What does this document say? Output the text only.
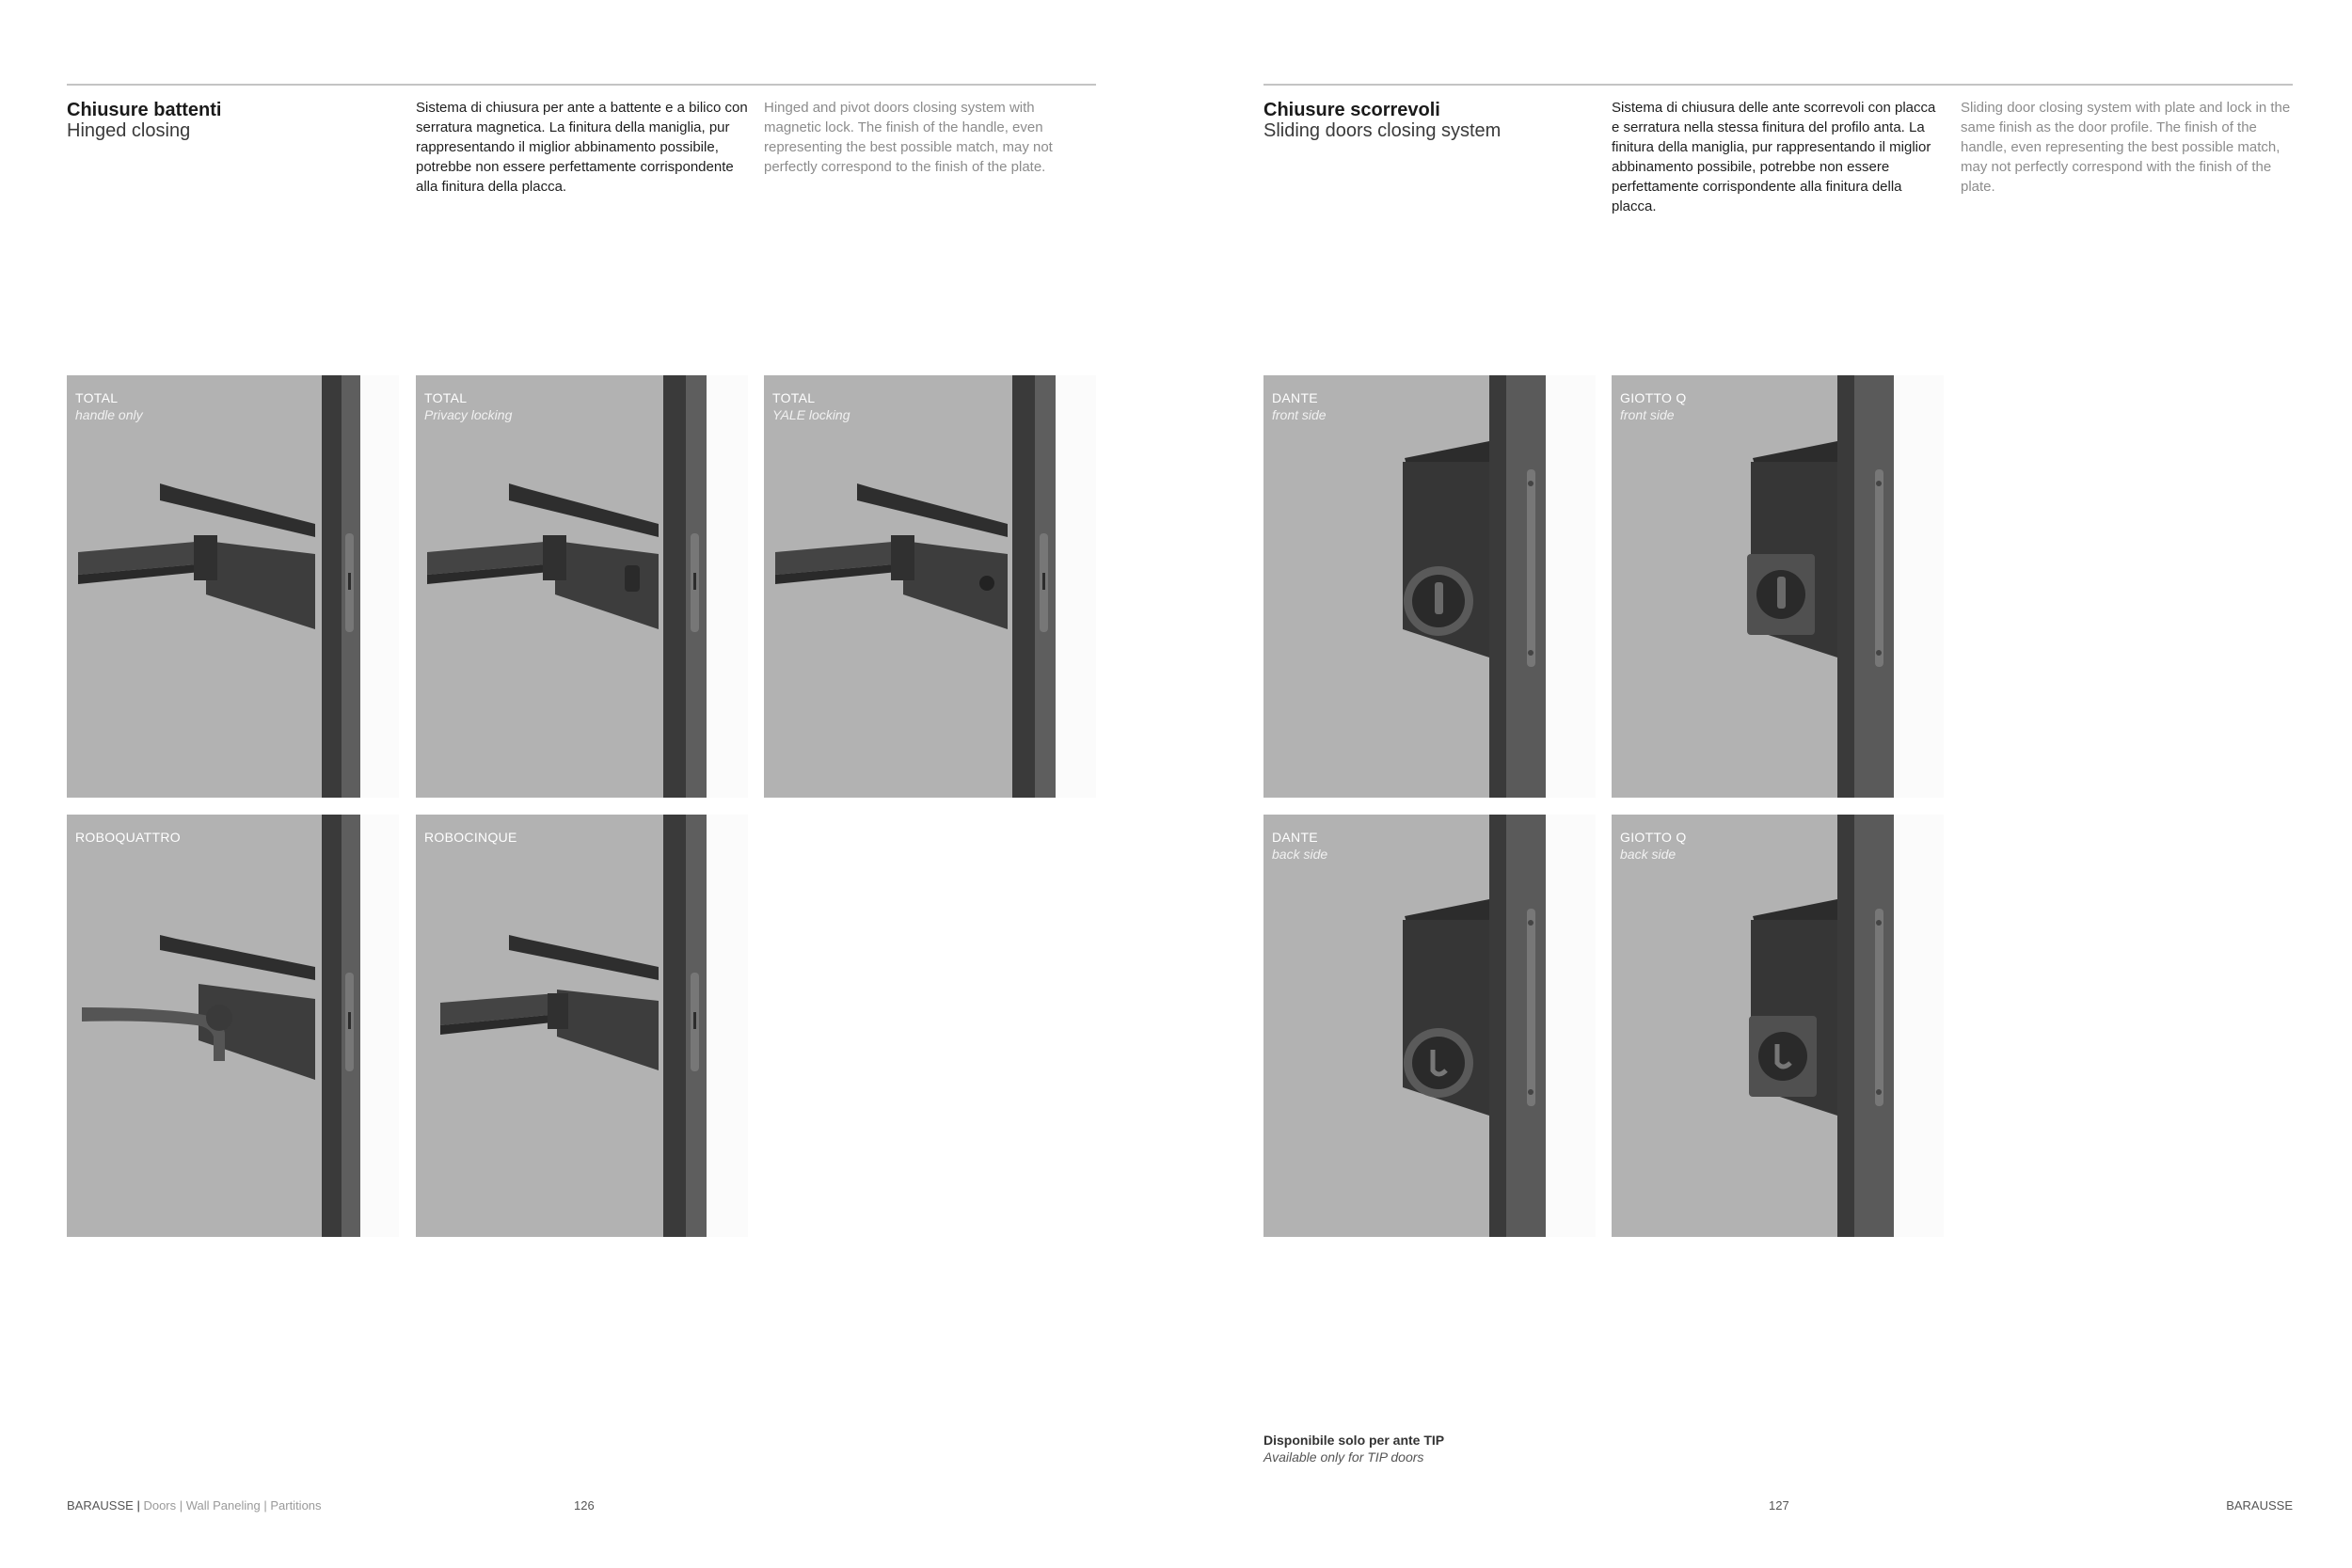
Chiusure battenti
Hinged closing

Sistema di chiusura per ante a battente e a bilico con serratura magnetica. La finitura della maniglia, pur rappresentando il miglior abbinamento possibile, potrebbe non essere perfettamente corrispondente alla finitura della placca.

Hinged and pivot doors closing system with magnetic lock. The finish of the handle, even representing the best possible match, may not perfectly correspond to the finish of the plate.

TOTAL
handle only
TOTAL
Privacy locking
TOTAL
YALE locking
ROBOQUATTRO	ROBOCINQUE
BARAUSSE | Doors | Wall Paneling | Partitions	126
Chiusure scorrevoli
Sliding doors closing system

Sistema di chiusura delle ante scorrevoli con placca e serratura nella stessa finitura del profilo anta. La finitura della maniglia, pur rappresentando il miglior abbinamento possibile, potrebbe non essere perfettamente corrispondente alla finitura della placca.

Sliding door closing system with plate and lock in the same finish as the door profile. The finish of the handle, even representing the best possible match, may not perfectly correspond with the finish of the plate.

DANTE
front side
GIOTTO Q
front side
DANTE
back side
GIOTTO Q
back side
Disponibile solo per ante TIP
Available only for TIP doors
127	BARAUSSE
